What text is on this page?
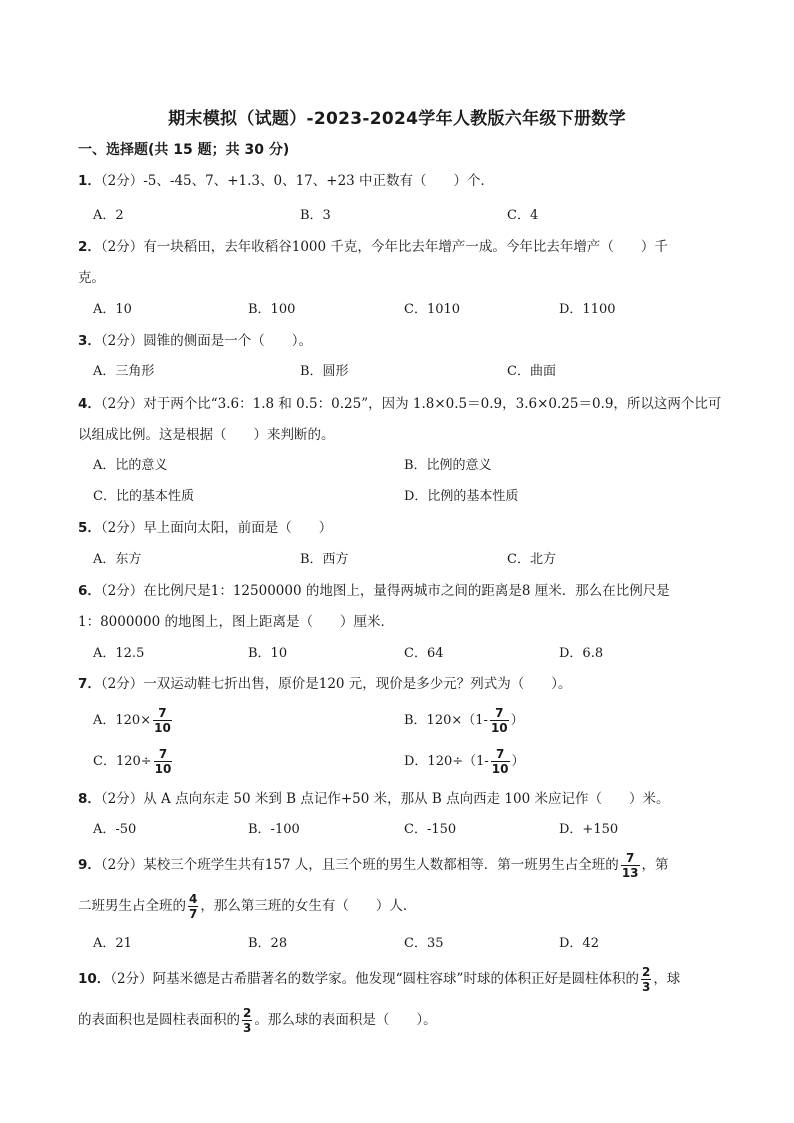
期末模拟（试题）-2023-2024学年人教版六年级下册数学
一、选择题(共 15 题；共 30 分)
1．（2分）-5、-45、7、+1.3、0、17、+23 中正数有（　　）个．
A．2	B．3	C．4
2．（2分）有一块稻田，去年收稻谷1000 千克，今年比去年增产一成。今年比去年增产（　　）千
克。
A．10	B．100	C．1010	D．1100
3．（2分）圆锥的侧面是一个（　　）。
A．三角形	B．圆形	C．曲面
4．（2分）对于两个比“3.6：1.8 和 0.5：0.25”，因为 1.8×0.5＝0.9，3.6×0.25＝0.9，所以这两个比可
以组成比例。这是根据（　　）来判断的。
A．比的意义	B．比例的意义
C．比的基本性质	D．比例的基本性质
5．（2分）早上面向太阳，前面是（　　）
A．东方	B．西方	C．北方
6．（2分）在比例尺是1：12500000 的地图上，量得两城市之间的距离是8 厘米．那么在比例尺是
1：8000000 的地图上，图上距离是（　　）厘米．
A．12.5	B．10	C．64	D．6.8
7．（2分）一双运动鞋七折出售，原价是120 元，现价是多少元？列式为（　　）。
A．$120\times \frac{7}{10}$	B．$120\times(1- \frac{7}{10}$ ）
C．$120\div \frac{7}{10}$	D．$120\div(1- \frac{7}{10}$ ）
8．（2分）从 A 点向东走 50 米到 B 点记作+50 米，那从 B 点向西走 100 米应记作（　　）米。
A．-50	B．-100	C．-150	D．+150
9．（2分）某校三个班学生共有157 人，且三个班的男生人数都相等．第一班男生占全班的 $\frac{7}{13}$ ，第
二班男生占全班的 $\frac{4}{7}$ ，那么第三班的女生有（　　）人．
A．21	B．28	C．35	D．42
10．（2分）阿基米德是古希腊著名的数学家。他发现“圆柱容球”时球的体积正好是圆柱体积的 $\frac{2}{3}$ ，球
的表面积也是圆柱表面积的 $\frac{2}{3}$ 。那么球的表面积是（　　）。
